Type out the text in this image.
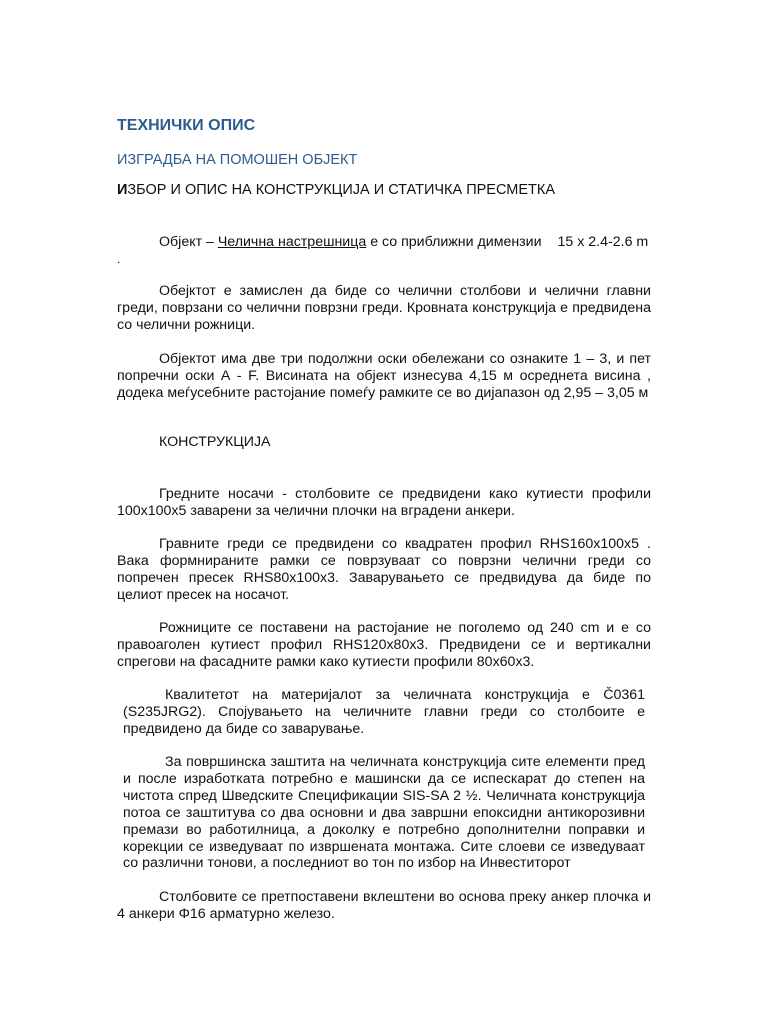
ТЕХНИЧКИ ОПИС
ИЗГРАДБА НА ПОМОШЕН ОБЈЕКТ
ИЗБОР И ОПИС НА КОНСТРУКЦИЈА И СТАТИЧКА ПРЕСМЕТКА
Објект – Челична настрешница е со приближни димензии 15 x 2.4-2.6 m
.

Обејктот е замислен да биде со челични столбови и челични главни греди, поврзани со челични поврзни греди. Кровната конструкција е предвидена со челични рожници.

Објектот има две три подолжни оски обележани со ознаките 1 – 3, и пет попречни оски А - F. Висината на објект изнесува 4,15 м осреднета висина , додека меѓусебните растојание помеѓу рамките се во дијапазон од 2,95 – 3,05 м

КОНСТРУКЦИЈА

Гредните носачи - столбовите се предвидени како кутиести профили 100x100x5 заварени за челични плочки на вградени анкери.

Гравните греди се предвидени со квадратен профил RHS160x100x5 . Вака формнираните рамки се поврзуваат со поврзни челични греди со попречен пресек RHS80x100x3. Заварувањето се предвидува да биде по целиот пресек на носачот.

Рожниците се поставени на растојание не поголемо од 240 cm и е со правоаголен кутиест профил RHS120x80x3. Предвидени се и вертикални спрегови на фасадните рамки како кутиести профили 80x60x3.

Квалитетот на материјалот за челичната конструкција е Č0361 (S235JRG2). Спојувањето на челичните главни греди со столбоите е предвидено да биде со заварување.

За површинска заштита на челичната конструкција сите елементи пред и после изработката потребно е машински да се испескарат до степен на чистота спред Шведските Спецификации SIS-SA 2 ½. Челичната конструкција потоа се заштитува со два основни и два завршни епоксидни антикорозивни премази во работилница, а доколку е потребно дополнителни поправки и корекции се изведуваат по извршената монтажа. Сите слоеви се изведуваат со различни тонови, а последниот во тон по избор на Инвеститорот

Столбовите се претпоставени вклештени во основа преку анкер плочка и 4 анкери Φ16 арматурно железо.
